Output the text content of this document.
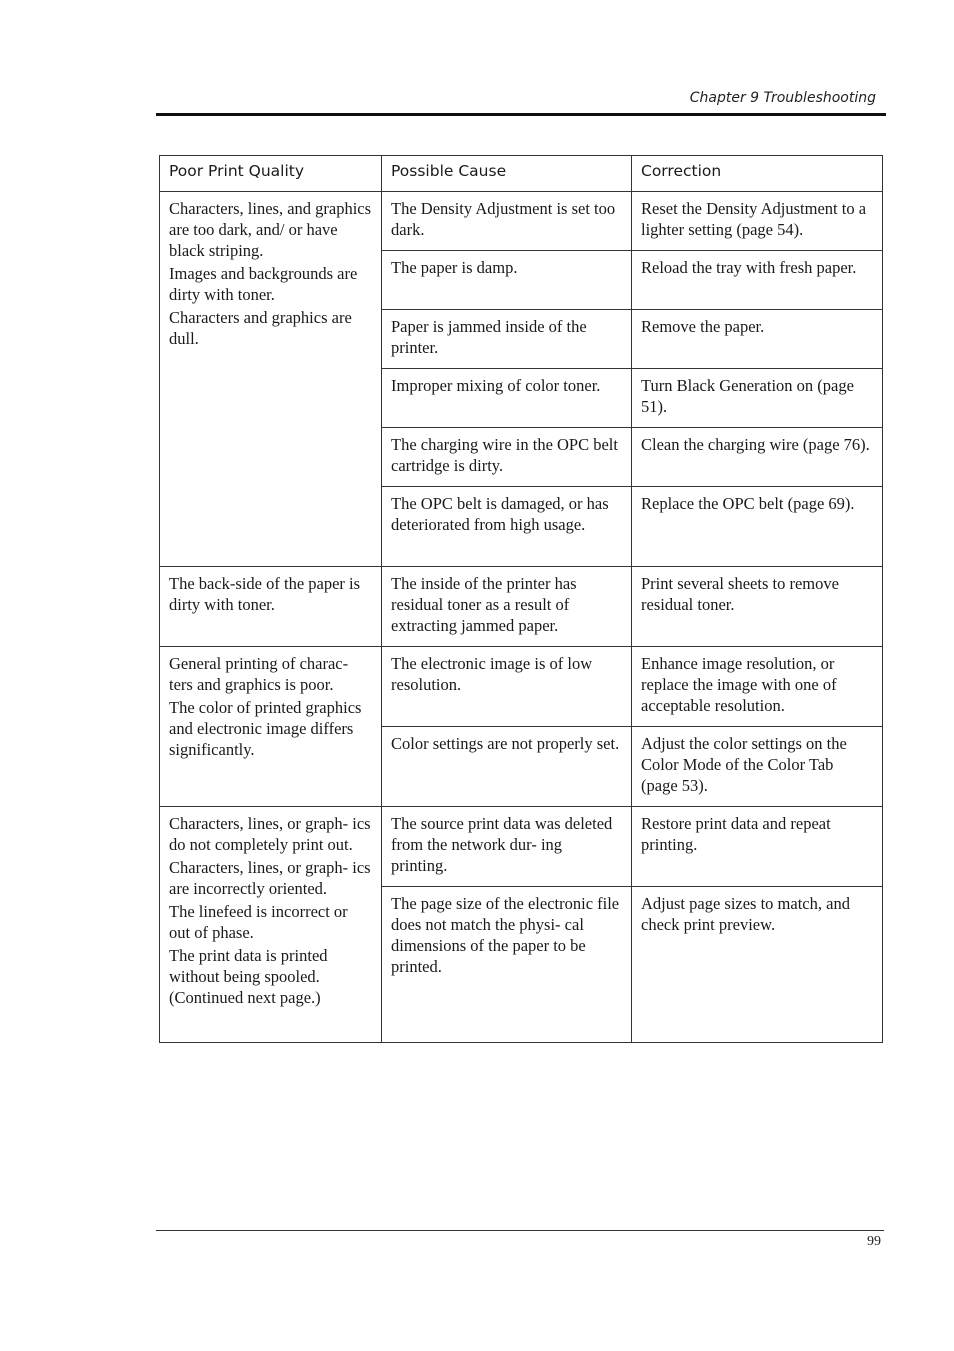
Chapter 9 Troubleshooting
Poor Print Quality	Possible Cause	Correction

Characters, lines, and graphics are too dark, and/ or have black striping.
Images and backgrounds are dirty with toner.
Characters and graphics are dull.	The Density Adjustment is set too dark.	Reset the Density Adjustment to a lighter setting (page 54).
	The paper is damp.	Reload the tray with fresh paper.
	Paper is jammed inside of the printer.	Remove the paper.
	Improper mixing of color toner.	Turn Black Generation on (page 51).
	The charging wire in the OPC belt cartridge is dirty.	Clean the charging wire (page 76).
	The OPC belt is damaged, or has deteriorated from high usage.	Replace the OPC belt (page 69).

The back-side of the paper is dirty with toner.	The inside of the printer has residual toner as a result of extracting jammed paper.	Print several sheets to remove residual toner.

General printing of charac- ters and graphics is poor.
The color of printed graphics and electronic image differs significantly.	The electronic image is of low resolution.	Enhance image resolution, or replace the image with one of acceptable resolution.
	Color settings are not properly set.	Adjust the color settings on the Color Mode of the Color Tab (page 53).

Characters, lines, or graph- ics do not completely print out.
Characters, lines, or graph- ics are incorrectly oriented.
The linefeed is incorrect or out of phase.
The print data is printed without being spooled. (Continued next page.)	The source print data was deleted from the network dur- ing printing.	Restore print data and repeat printing.
	The page size of the electronic file does not match the physi- cal dimensions of the paper to be printed.	Adjust page sizes to match, and check print preview.
99
